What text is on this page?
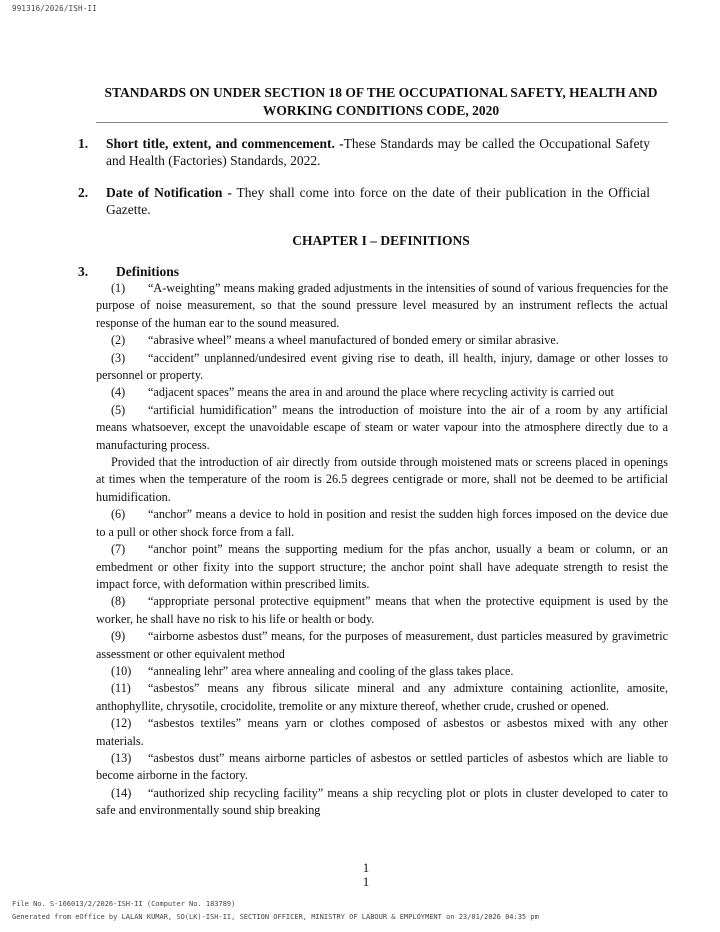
991316/2026/ISH-II
STANDARDS ON UNDER SECTION 18 OF THE OCCUPATIONAL SAFETY, HEALTH AND WORKING CONDITIONS CODE, 2020
1. Short title, extent, and commencement. -These Standards may be called the Occupational Safety and Health (Factories) Standards, 2022.
2. Date of Notification - They shall come into force on the date of their publication in the Official Gazette.
CHAPTER I – DEFINITIONS
3. Definitions

(1) “A-weighting” means making graded adjustments in the intensities of sound of various frequencies for the purpose of noise measurement, so that the sound pressure level measured by an instrument reflects the actual response of the human ear to the sound measured.

(2) “abrasive wheel” means a wheel manufactured of bonded emery or similar abrasive.

(3) “accident” unplanned/undesired event giving rise to death, ill health, injury, damage or other losses to personnel or property.

(4) “adjacent spaces” means the area in and around the place where recycling activity is carried out

(5) “artificial humidification” means the introduction of moisture into the air of a room by any artificial means whatsoever, except the unavoidable escape of steam or water vapour into the atmosphere directly due to a manufacturing process.

Provided that the introduction of air directly from outside through moistened mats or screens placed in openings at times when the temperature of the room is 26.5 degrees centigrade or more, shall not be deemed to be artificial humidification.

(6) “anchor” means a device to hold in position and resist the sudden high forces imposed on the device due to a pull or other shock force from a fall.

(7) “anchor point” means the supporting medium for the pfas anchor, usually a beam or column, or an embedment or other fixity into the support structure; the anchor point shall have adequate strength to resist the impact force, with deformation within prescribed limits.

(8) “appropriate personal protective equipment” means that when the protective equipment is used by the worker, he shall have no risk to his life or health or body.

(9) “airborne asbestos dust” means, for the purposes of measurement, dust particles measured by gravimetric assessment or other equivalent method

(10) “annealing lehr” area where annealing and cooling of the glass takes place.

(11) “asbestos” means any fibrous silicate mineral and any admixture containing actionlite, amosite, anthophyllite, chrysotile, crocidolite, tremolite or any mixture thereof, whether crude, crushed or opened.

(12) “asbestos textiles” means yarn or clothes composed of asbestos or asbestos mixed with any other materials.

(13) “asbestos dust” means airborne particles of asbestos or settled particles of asbestos which are liable to become airborne in the factory.

(14) “authorized ship recycling facility” means a ship recycling plot or plots in cluster developed to cater to safe and environmentally sound ship breaking

1
1
File No. S-166013/2/2026-ISH-II (Computer No. 183789)
Generated from eOffice by LALAN KUMAR, SO(LK)-ISH-II, SECTION OFFICER, MINISTRY OF LABOUR & EMPLOYMENT on 23/01/2026 04:35 pm
